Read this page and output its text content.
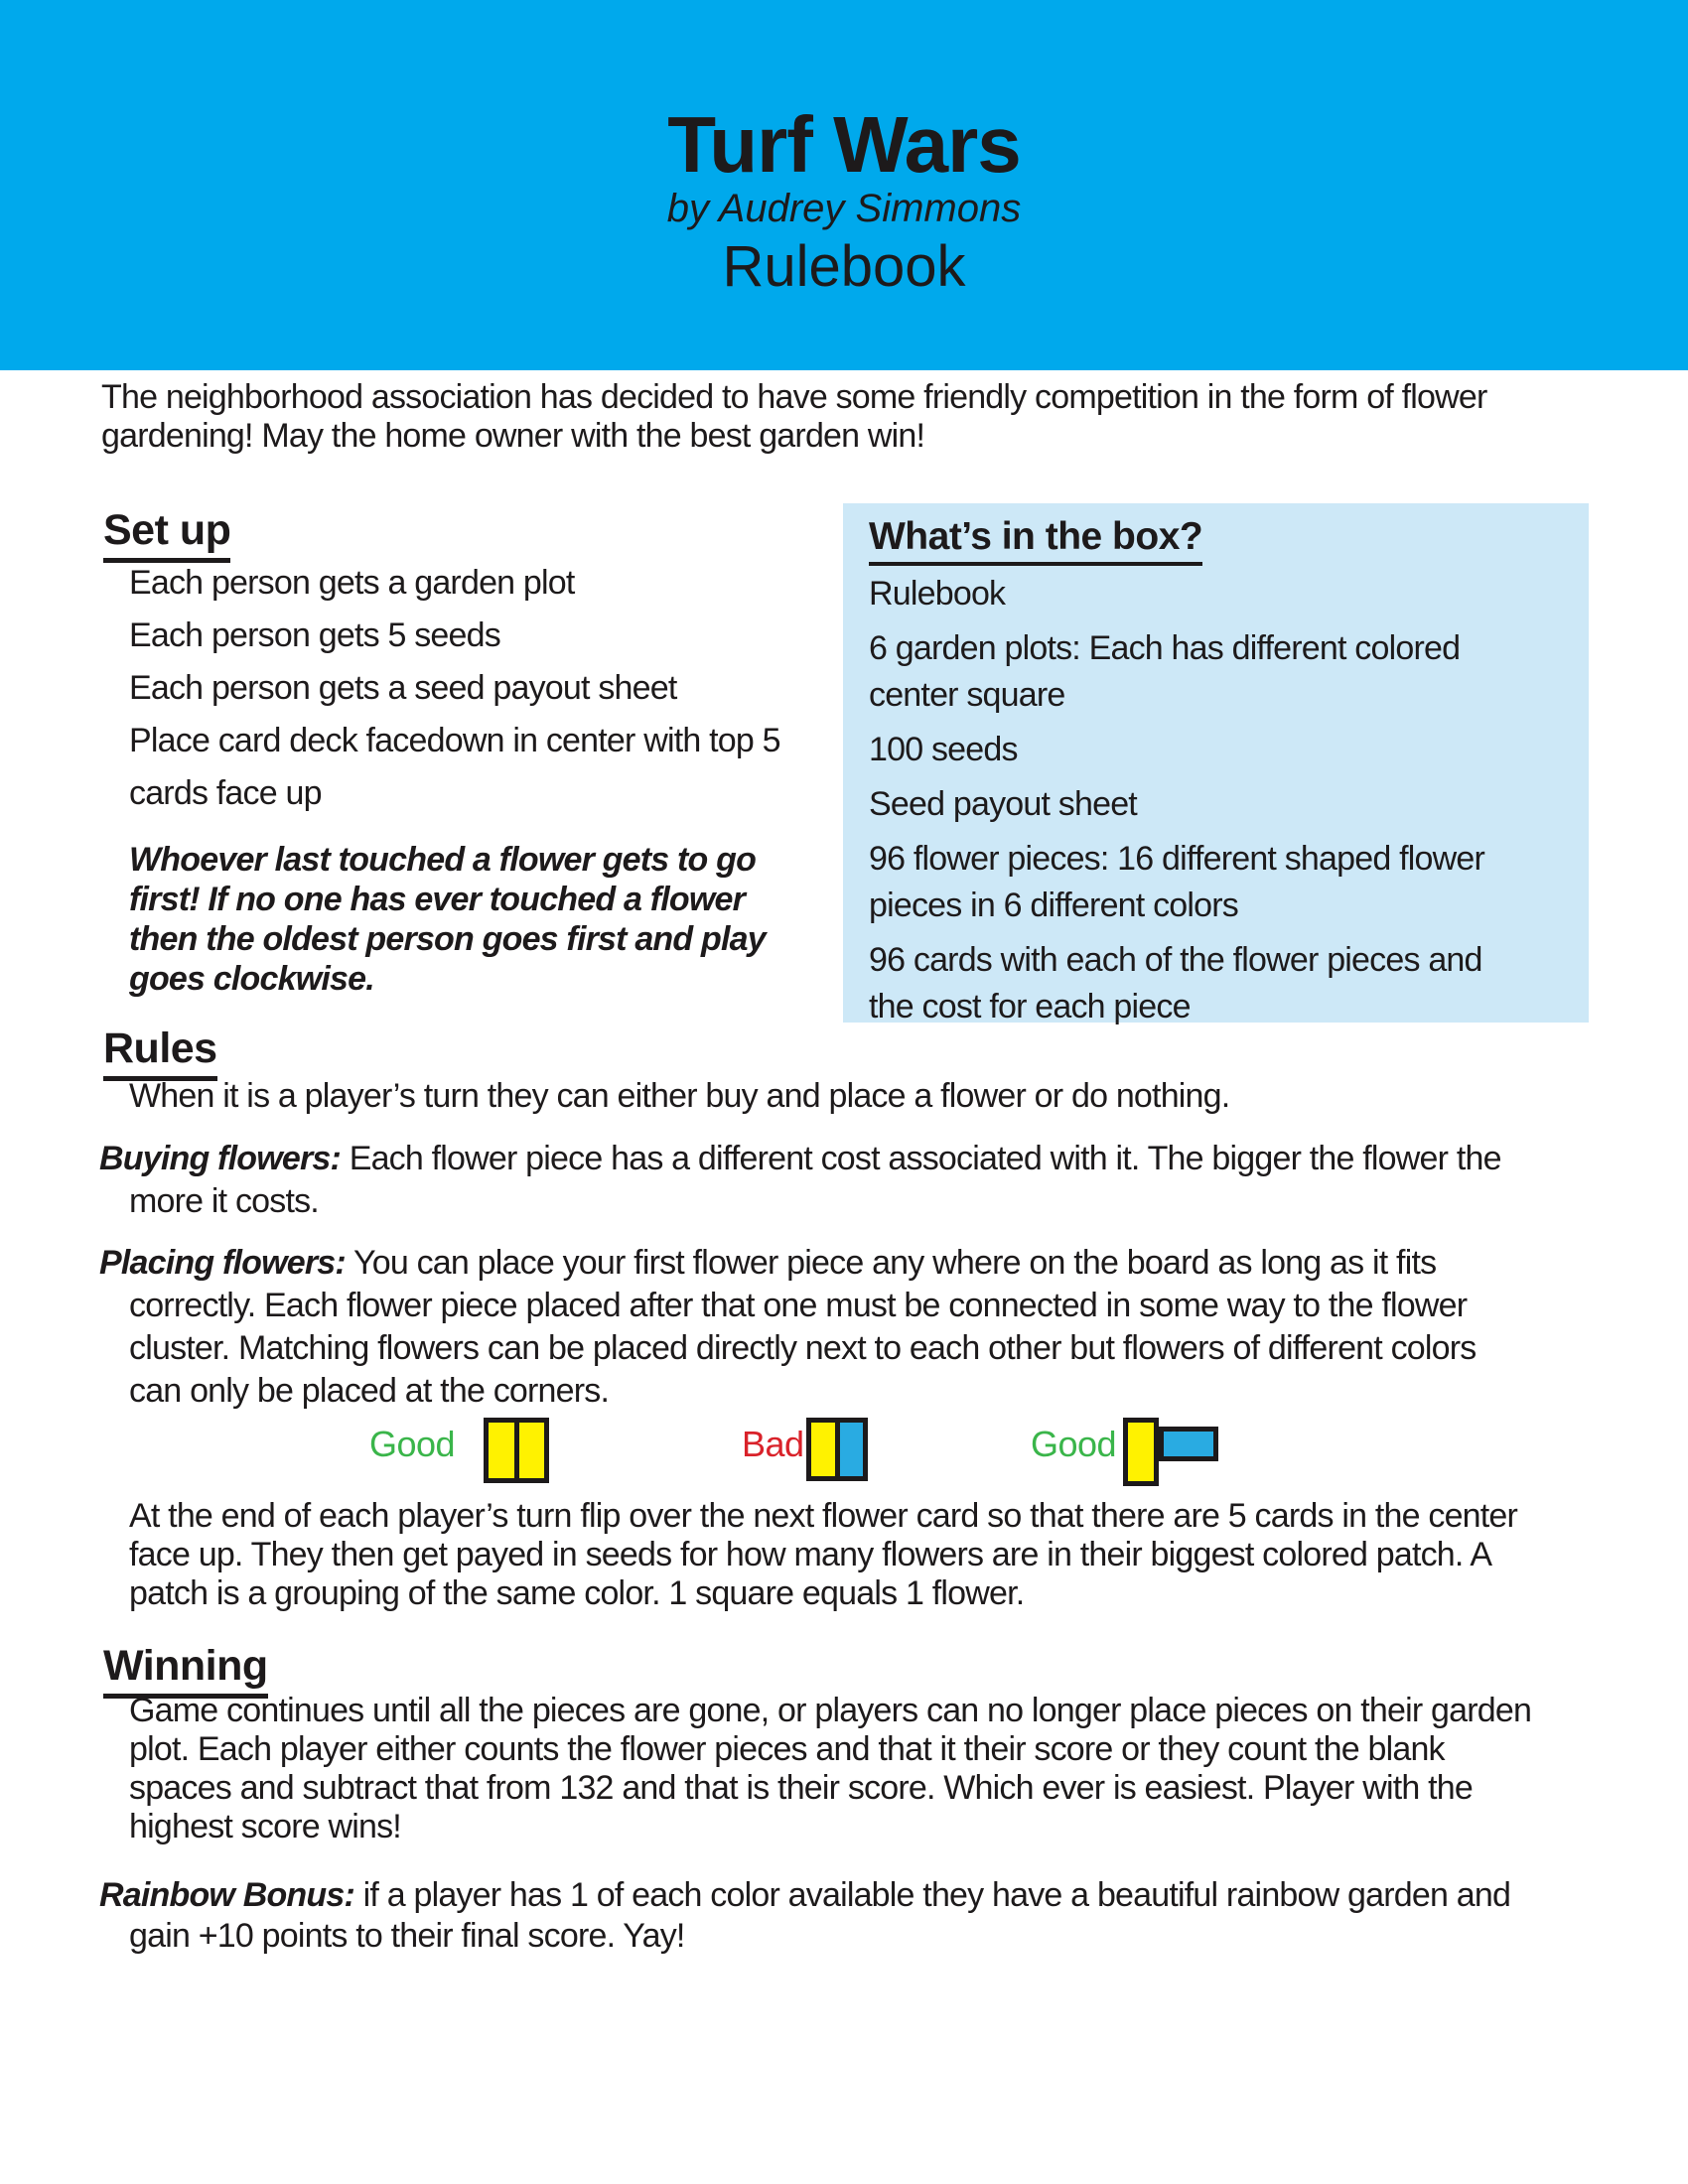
Turf Wars
by Audrey Simmons
Rulebook
The neighborhood association has decided to have some friendly competition in the form of flower
gardening! May the home owner with the best garden win!
Set up
Each person gets a garden plot
Each person gets 5 seeds
Each person gets a seed payout sheet
Place card deck facedown in center with top 5
cards face up
Whoever last touched a flower gets to go
first! If no one has ever touched a flower
then the oldest person goes first and play
goes clockwise.
What’s in the box?
Rulebook
6 garden plots: Each has different colored
center square
100 seeds
Seed payout sheet
96 flower pieces: 16 different shaped flower
pieces in 6 different colors
96 cards with each of the flower pieces and
the cost for each piece
Rules
When it is a player’s turn they can either buy and place a flower or do nothing.
Buying flowers: Each flower piece has a different cost associated with it. The bigger the flower the
more it costs.
Placing flowers: You can place your first flower piece any where on the board as long as it fits
correctly. Each flower piece placed after that one must be connected in some way to the flower
cluster. Matching flowers can be placed directly next to each other but flowers of different colors
can only be placed at the corners.
Good	Bad	Good
At the end of each player’s turn flip over the next flower card so that there are 5 cards in the center
face up. They then get payed in seeds for how many flowers are in their biggest colored patch. A
patch is a grouping of the same color. 1 square equals 1 flower.
Winning
Game continues until all the pieces are gone, or players can no longer place pieces on their garden
plot. Each player either counts the flower pieces and that it their score or they count the blank
spaces and subtract that from 132 and that is their score. Which ever is easiest. Player with the
highest score wins!
Rainbow Bonus: if a player has 1 of each color available they have a beautiful rainbow garden and
gain +10 points to their final score. Yay!
